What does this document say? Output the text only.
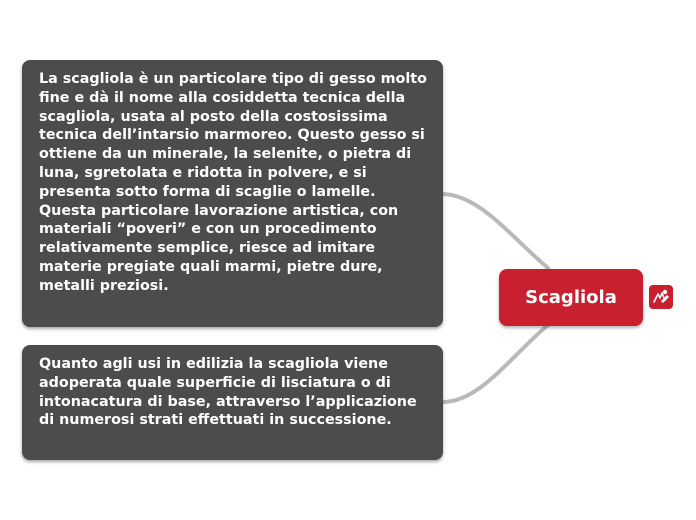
La scagliola è un particolare tipo di gesso molto fine e dà il nome alla cosiddetta tecnica della scagliola, usata al posto della costosissima tecnica dell’intarsio marmoreo. Questo gesso si ottiene da un minerale, la selenite, o pietra di luna, sgretolata e ridotta in polvere, e si presenta sotto forma di scaglie o lamelle. Questa particolare lavorazione artistica, con materiali “poveri” e con un procedimento relativamente semplice, riesce ad imitare materie pregiate quali marmi, pietre dure, metalli preziosi.
Quanto agli usi in edilizia la scagliola viene adoperata quale superficie di lisciatura o di intonacatura di base, attraverso l’applicazione di numerosi strati effettuati in successione.
Scagliola
